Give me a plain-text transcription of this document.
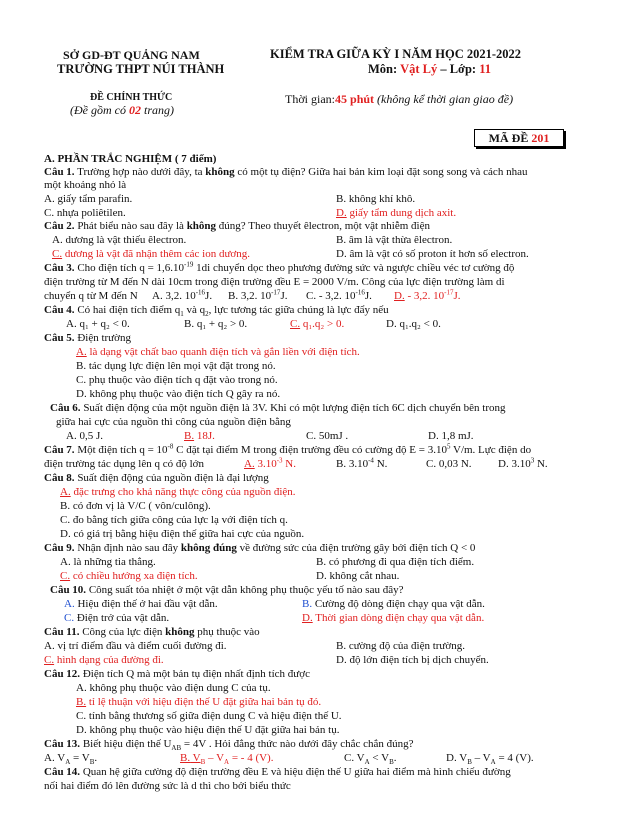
SỞ GD-ĐT QUẢNG NAM
TRƯỜNG THPT NÚI THÀNH
ĐỀ CHÍNH THỨC
(Đề gồm có 02 trang)
KIỂM TRA GIỮA KỲ I NĂM HỌC 2021-2022
Môn: Vật Lý – Lớp: 11
Thời gian:45 phút (không kể thời gian giao đề)
MÃ ĐỀ 201
A. PHẦN TRẮC NGHIỆM ( 7 điểm)
Câu 1. Trường hợp nào dưới đây, ta không có một tụ điện? Giữa hai bản kim loại đặt song song và cách nhau
một khoảng nhỏ là
A. giấy tẩm parafin.	B. không khí khô.
C. nhựa poliêtilen.	D. giấy tẩm dung dịch axit.
Câu 2. Phát biểu nào sau đây là không đúng? Theo thuyết êlectron, một vật nhiễm điện
A. dương là vật thiếu êlectron.	B. âm là vật thừa êlectron.
C. dương là vật đã nhận thêm các ion dương.	D. âm là vật có số proton ít hơn số electron.
Câu 3. Cho điện tích $q = 1,6.10^{-19}$ 1di chuyển dọc theo phương đường sức và ngược chiều véc tơ cường độ
điện trường từ M đến N dài 10cm trong điện trường đều E = 2000 V/m. Công của lực điện trường làm di
chuyển q từ M đến N A. 3,2. $10^{-16}J$. B. 3,2. $10^{-17}J$. C. - 3,2. $10^{-16}J$. D. - 3,2. $10^{-17}J$.
Câu 4. Có hai điện tích điểm $q_1$ và $q_2$, lực tương tác giữa chúng là lực đẩy nếu
A. q₁ + q₂ < 0.	B. q₁ + q₂ > 0.	C. q₁.q₂ > 0.	D. q₁.q₂ < 0.
Câu 5. Điện trường
A. là dạng vật chất bao quanh điện tích và gắn liền với điện tích.
B. tác dụng lực điện lên mọi vật đặt trong nó.
C. phụ thuộc vào điện tích q đặt vào trong nó.
D. không phụ thuộc vào điện tích Q gây ra nó.
Câu 6. Suất điện động của một nguồn điện là 3V. Khi có một lượng điện tích 6C dịch chuyển bên trong
giữa hai cực của nguồn thì công của nguồn điện bằng
A. 0,5 J.	B. 18J.	C. 50mJ .	D. 1,8 mJ.
Câu 7. Một điện tích $q = 10^{-8}$ C đặt tại điểm M trong điện trường đều có cường độ $E = 3.10^5$ V/m. Lực điện do
điện trường tác dụng lên q có độ lớn	A. $3.10^{-3}$ N.	B. $3.10^{-4}$ N.	C. 0,03 N. D. 3.10$^3$ N.
Câu 8. Suất điện động của nguồn điện là đại lượng
A. đặc trưng cho khả năng thực công của nguồn điện.
B. có đơn vị là V/C ( vôn/culông).
C. đo bằng tích giữa công của lực lạ với điện tích q.
D. có giá trị bằng hiệu điện thế giữa hai cực của nguồn.
Câu 9. Nhận định nào sau đây không đúng về đường sức của điện trường gây bởi điện tích Q < 0
A. là những tia thẳng.	B. có phương đi qua điện tích điểm.
C. có chiều hướng xa điện tích.	D. không cắt nhau.
Câu 10. Công suất tỏa nhiệt ở một vật dẫn không phụ thuộc yếu tố nào sau đây?
A. Hiệu điện thế ở hai đầu vật dẫn.	B. Cường độ dòng điện chạy qua vật dẫn.
C. Điện trở của vật dẫn.	D. Thời gian dòng điện chạy qua vật dẫn.
Câu 11. Công của lực điện không phụ thuộc vào
A. vị trí điểm đầu và điểm cuối đường đi.	B. cường độ của điện trường.
C. hình dạng của đường đi.	D. độ lớn điện tích bị dịch chuyển.
Câu 12. Điện tích Q mà một bản tụ điện nhất định tích được
A. không phụ thuộc vào điện dung C của tụ.
B. tỉ lệ thuận với hiệu điện thế U đặt giữa hai bản tụ đó.
C. tính bằng thương số giữa điện dung C và hiệu điện thế U.
D. không phụ thuộc vào hiệu điện thế U đặt giữa hai bản tụ.
Câu 13. Biết hiệu điện thế $U_{AB} = 4V$ . Hỏi đẳng thức nào dưới đây chắc chắn đúng?
A. $V_A = V_B$.	B. $V_B - V_A$ = - 4 (V).	C. $V_A < V_B$.	D. $V_B - V_A = 4$ (V).
Câu 14. Quan hệ giữa cường độ điện trường đều E và hiệu điện thế U giữa hai điểm mà hình chiếu đường
nối hai điểm đó lên đường sức là d thì cho bởi biểu thức
